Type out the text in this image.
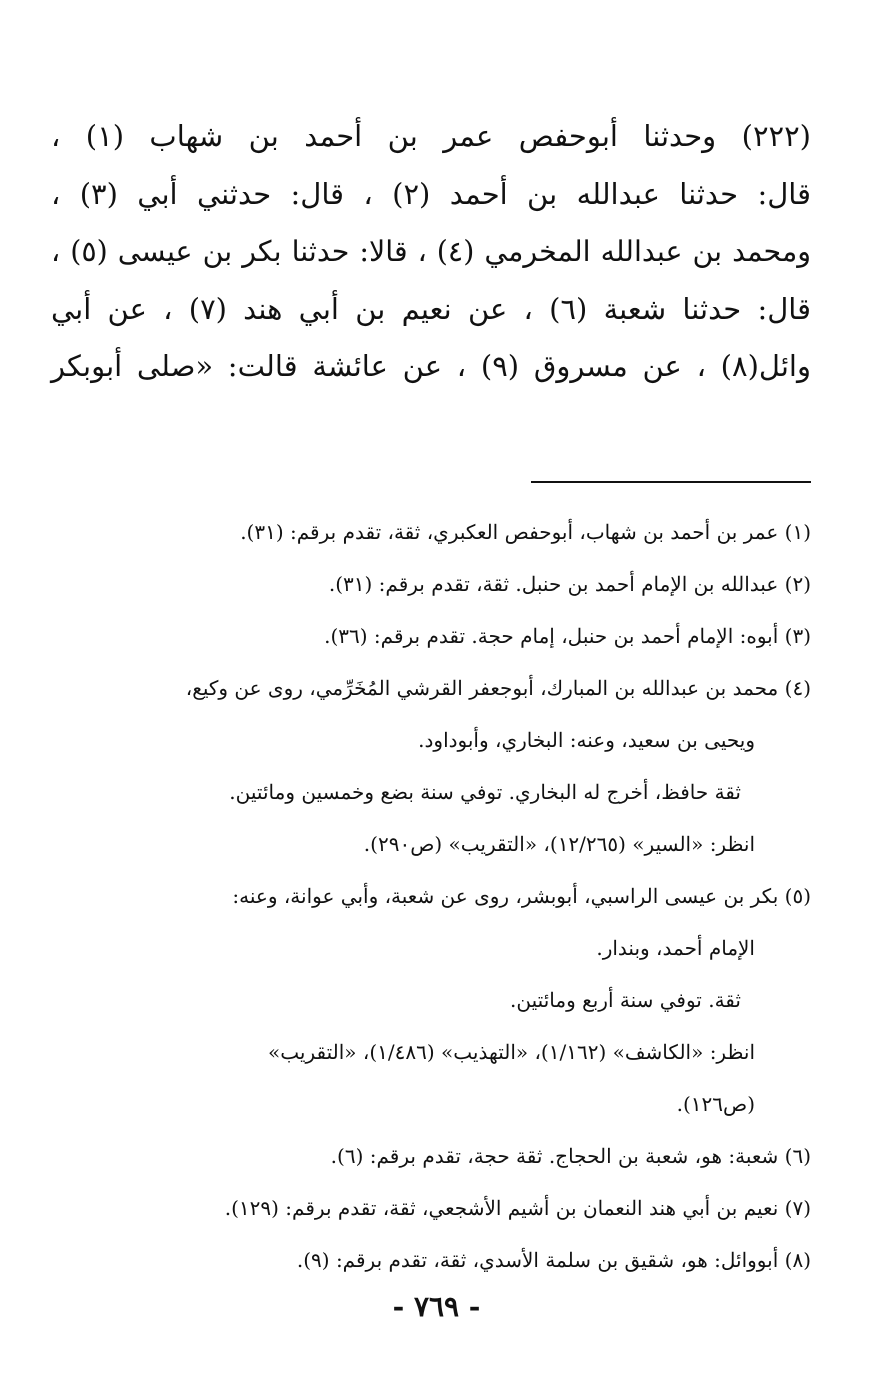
(٢٢٢) وحدثنا أبوحفص عمر بن أحمد بن شهاب (١) ،
قال: حدثنا عبدالله بن أحمد (٢) ، قال: حدثني أبي (٣) ،
ومحمد بن عبدالله المخرمي (٤) ، قالا: حدثنا بكر بن عيسى (٥) ،
قال: حدثنا شعبة (٦) ، عن نعيم بن أبي هند (٧) ، عن أبي
وائل(٨) ، عن مسروق (٩) ، عن عائشة قالت: «صلى أبوبكر
(١) عمر بن أحمد بن شهاب، أبوحفص العكبري، ثقة، تقدم برقم: (٣١).
(٢) عبدالله بن الإمام أحمد بن حنبل. ثقة، تقدم برقم: (٣١).
(٣) أبوه: الإمام أحمد بن حنبل، إمام حجة. تقدم برقم: (٣٦).
(٤) محمد بن عبدالله بن المبارك، أبوجعفر القرشي المُخَرِّمي، روى عن وكيع،
ويحيى بن سعيد، وعنه: البخاري، وأبوداود.
ثقة حافظ، أخرج له البخاري. توفي سنة بضع وخمسين ومائتين.
انظر: «السير» (١٢/٢٦٥)، «التقريب» (ص٢٩٠).
(٥) بكر بن عيسى الراسبي، أبوبشر، روى عن شعبة، وأبي عوانة، وعنه:
الإمام أحمد، وبندار.
ثقة. توفي سنة أربع ومائتين.
انظر: «الكاشف» (١/١٦٢)، «التهذيب» (١/٤٨٦)، «التقريب»
(ص١٢٦).
(٦) شعبة: هو، شعبة بن الحجاج. ثقة حجة، تقدم برقم: (٦).
(٧) نعيم بن أبي هند النعمان بن أشيم الأشجعي، ثقة، تقدم برقم: (١٢٩).
(٨) أبووائل: هو، شقيق بن سلمة الأسدي، ثقة، تقدم برقم: (٩).
- ٧٦٩ -
